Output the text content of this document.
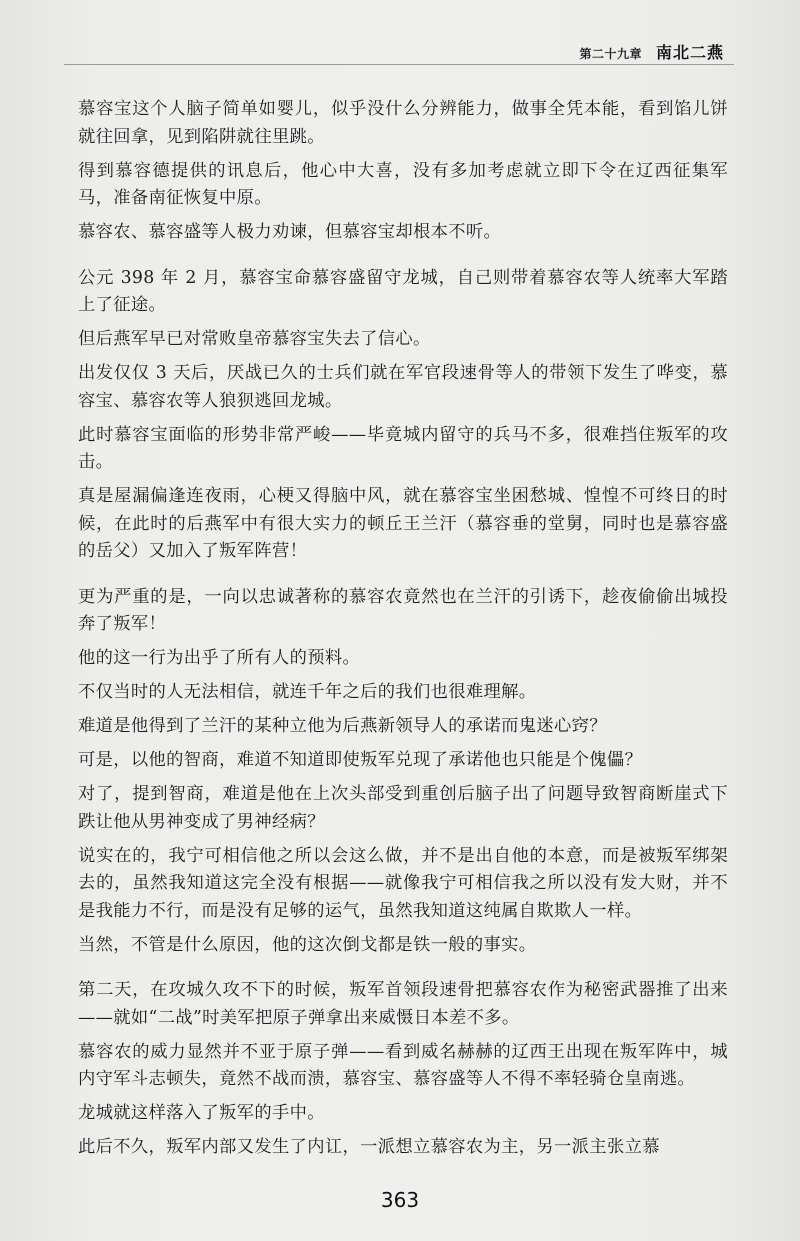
第二十九章 南北二燕

慕容宝这个人脑子简单如婴儿，似乎没什么分辨能力，做事全凭本能，看到馅儿饼就往回拿，见到陷阱就往里跳。

得到慕容德提供的讯息后，他心中大喜，没有多加考虑就立即下令在辽西征集军马，准备南征恢复中原。

慕容农、慕容盛等人极力劝谏，但慕容宝却根本不听。

公元 398 年 2 月，慕容宝命慕容盛留守龙城，自己则带着慕容农等人统率大军踏上了征途。

但后燕军早已对常败皇帝慕容宝失去了信心。

出发仅仅 3 天后，厌战已久的士兵们就在军官段速骨等人的带领下发生了哗变，慕容宝、慕容农等人狼狈逃回龙城。

此时慕容宝面临的形势非常严峻——毕竟城内留守的兵马不多，很难挡住叛军的攻击。

真是屋漏偏逢连夜雨，心梗又得脑中风，就在慕容宝坐困愁城、惶惶不可终日的时候，在此时的后燕军中有很大实力的顿丘王兰汗（慕容垂的堂舅，同时也是慕容盛的岳父）又加入了叛军阵营！

更为严重的是，一向以忠诚著称的慕容农竟然也在兰汗的引诱下，趁夜偷偷出城投奔了叛军！

他的这一行为出乎了所有人的预料。

不仅当时的人无法相信，就连千年之后的我们也很难理解。

难道是他得到了兰汗的某种立他为后燕新领导人的承诺而鬼迷心窍？

可是，以他的智商，难道不知道即使叛军兑现了承诺他也只能是个傀儡？

对了，提到智商，难道是他在上次头部受到重创后脑子出了问题导致智商断崖式下跌让他从男神变成了男神经病？

说实在的，我宁可相信他之所以会这么做，并不是出自他的本意，而是被叛军绑架去的，虽然我知道这完全没有根据——就像我宁可相信我之所以没有发大财，并不是我能力不行，而是没有足够的运气，虽然我知道这纯属自欺欺人一样。

当然，不管是什么原因，他的这次倒戈都是铁一般的事实。

第二天，在攻城久攻不下的时候，叛军首领段速骨把慕容农作为秘密武器推了出来——就如“二战”时美军把原子弹拿出来威慑日本差不多。

慕容农的威力显然并不亚于原子弹——看到威名赫赫的辽西王出现在叛军阵中，城内守军斗志顿失，竟然不战而溃，慕容宝、慕容盛等人不得不率轻骑仓皇南逃。

龙城就这样落入了叛军的手中。

此后不久，叛军内部又发生了内讧，一派想立慕容农为主，另一派主张立慕

363
